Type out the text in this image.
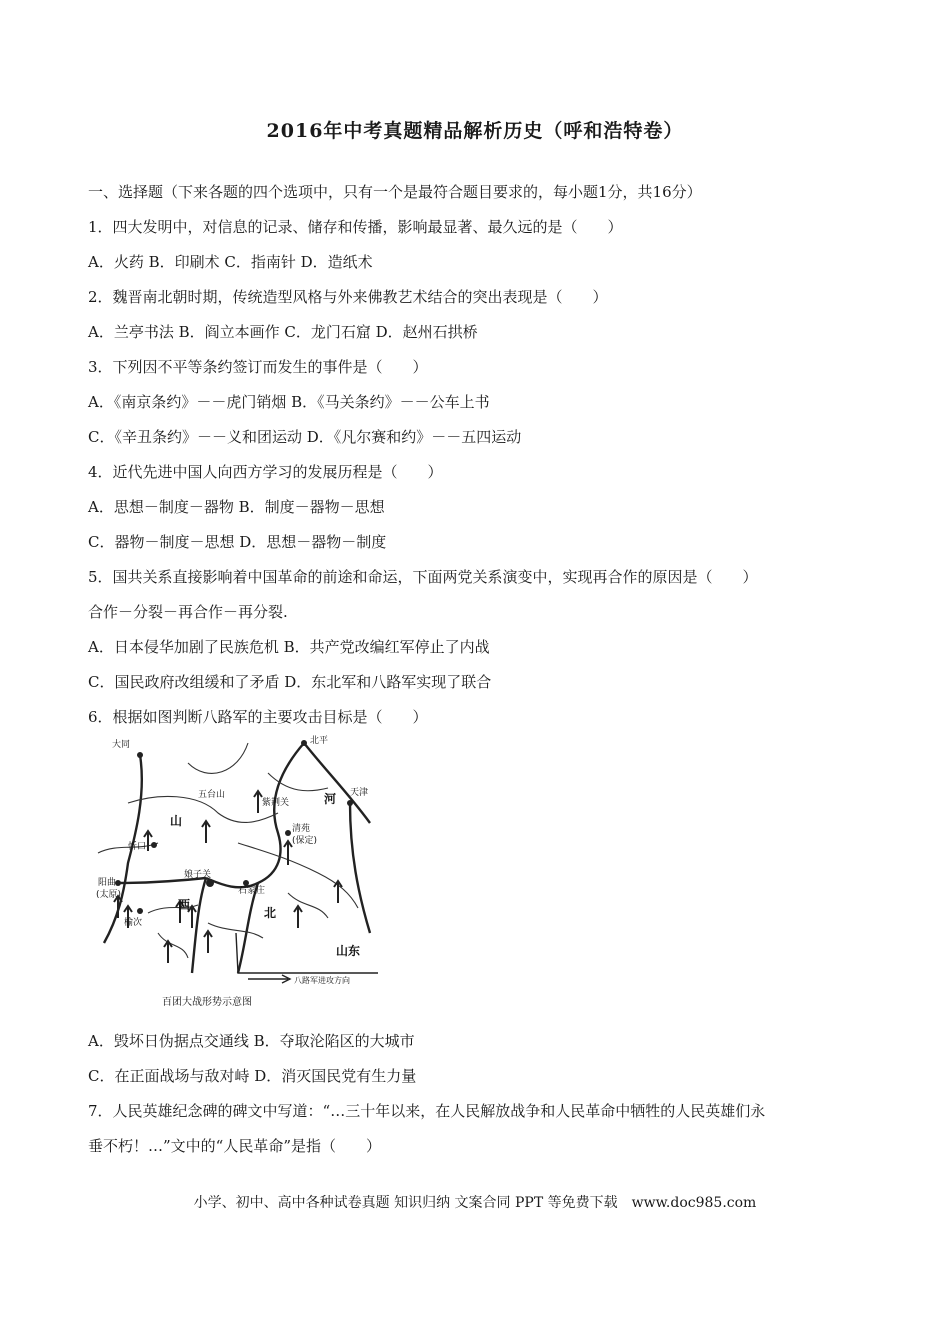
2016年中考真题精品解析历史（呼和浩特卷）
一、选择题（下来各题的四个选项中，只有一个是最符合题目要求的，每小题1分，共16分）
1．四大发明中，对信息的记录、储存和传播，影响最显著、最久远的是（　　）
A．火药 B．印刷术 C．指南针 D．造纸术
2．魏晋南北朝时期，传统造型风格与外来佛教艺术结合的突出表现是（　　）
A．兰亭书法 B．阎立本画作 C．龙门石窟 D．赵州石拱桥
3．下列因不平等条约签订而发生的事件是（　　）
A．《南京条约》－－虎门销烟 B．《马关条约》－－公车上书
C．《辛丑条约》－－义和团运动 D．《凡尔赛和约》－－五四运动
4．近代先进中国人向西方学习的发展历程是（　　）
A．思想－制度－器物 B．制度－器物－思想
C．器物－制度－思想 D．思想－器物－制度
5．国共关系直接影响着中国革命的前途和命运，下面两党关系演变中，实现再合作的原因是（　　）
合作－分裂－再合作－再分裂.
A．日本侵华加剧了民族危机 B．共产党改编红军停止了内战
C．国民政府改组缓和了矛盾 D．东北军和八路军实现了联合
6．根据如图判断八路军的主要攻击目标是（　　）
大同	北平
天津
五台山
紫荆关
忻口
清苑
(保定)
娘子关
石家庄
阳曲
(太原)
榆次
山
西
河
北
山东
八路军进攻方向
百团大战形势示意图
A．毁坏日伪据点交通线 B．夺取沦陷区的大城市
C．在正面战场与敌对峙 D．消灭国民党有生力量
7．人民英雄纪念碑的碑文中写道：“…三十年以来，在人民解放战争和人民革命中牺牲的人民英雄们永
垂不朽！…”文中的“人民革命”是指（　　）
小学、初中、高中各种试卷真题 知识归纳 文案合同 PPT 等免费下载　www.doc985.com
